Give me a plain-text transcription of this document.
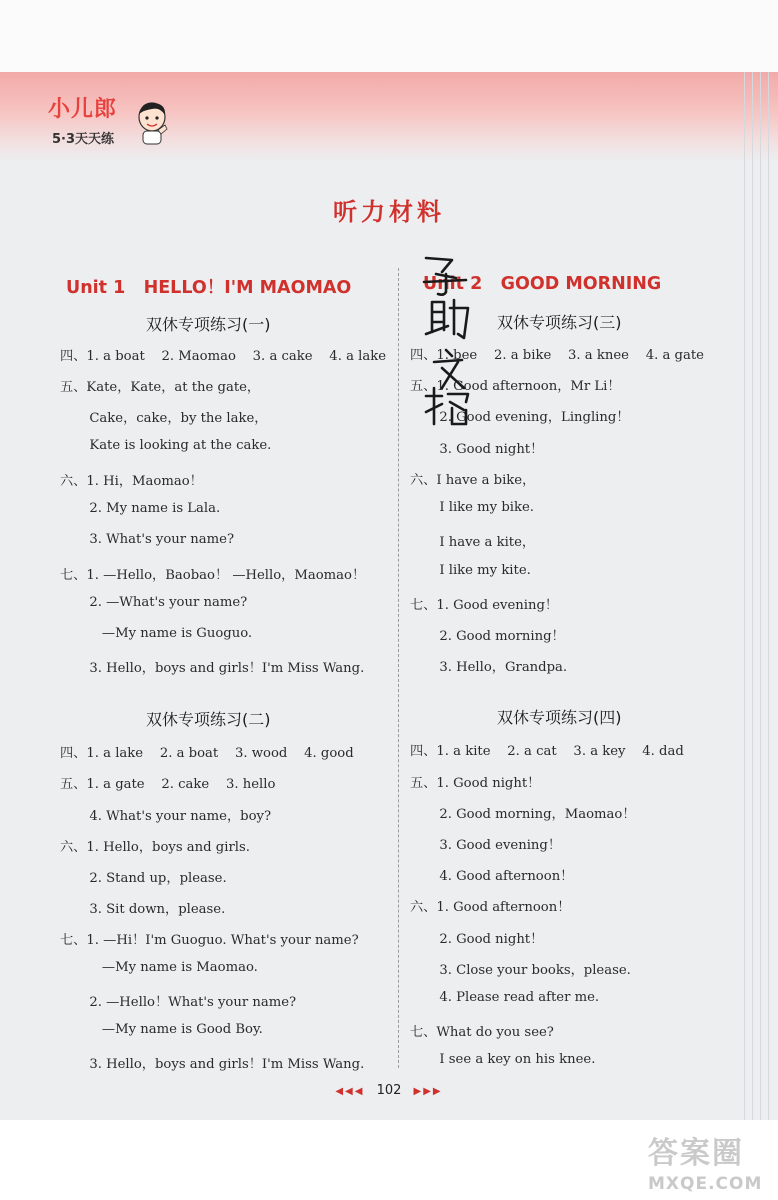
小儿郎
5·3天天练
听力材料
Unit 1   HELLO！I'M MAOMAO	Unit 2   GOOD MORNING
双休专项练习(一)
双休专项练习(二)
双休专项练习(三)
双休专项练习(四)
四、1. a boat    2. Maomao    3. a cake    4. a lake
五、Kate，Kate，at the gate，
Cake，cake，by the lake，
Kate is looking at the cake.
六、1. Hi，Maomao！
2. My name is Lala.
3. What's your name?
七、1. —Hello，Baobao！ —Hello，Maomao！
2. —What's your name?
—My name is Guoguo.
3. Hello，boys and girls！I'm Miss Wang.
四、1. a lake    2. a boat    3. wood    4. good
五、1. a gate    2. cake    3. hello
4. What's your name，boy?
六、1. Hello，boys and girls.
2. Stand up，please.
3. Sit down，please.
七、1. —Hi！I'm Guoguo. What's your name?
—My name is Maomao.
2. —Hello！What's your name?
—My name is Good Boy.
3. Hello，boys and girls！I'm Miss Wang.
四、1. bee    2. a bike    3. a knee    4. a gate
五、1. Good afternoon，Mr Li！
2. Good evening，Lingling！
3. Good night！
六、I have a bike，
I like my bike.
I have a kite，
I like my kite.
七、1. Good evening！
2. Good morning！
3. Hello，Grandpa.
四、1. a kite    2. a cat    3. a key    4. dad
五、1. Good night！
2. Good morning，Maomao！
3. Good evening！
4. Good afternoon！
六、1. Good afternoon！
2. Good night！
3. Close your books，please.
4. Please read after me.
七、What do you see?
I see a key on his knee.
◀◀◀ 102 ▶▶▶
答案圈
MXQE.COM
